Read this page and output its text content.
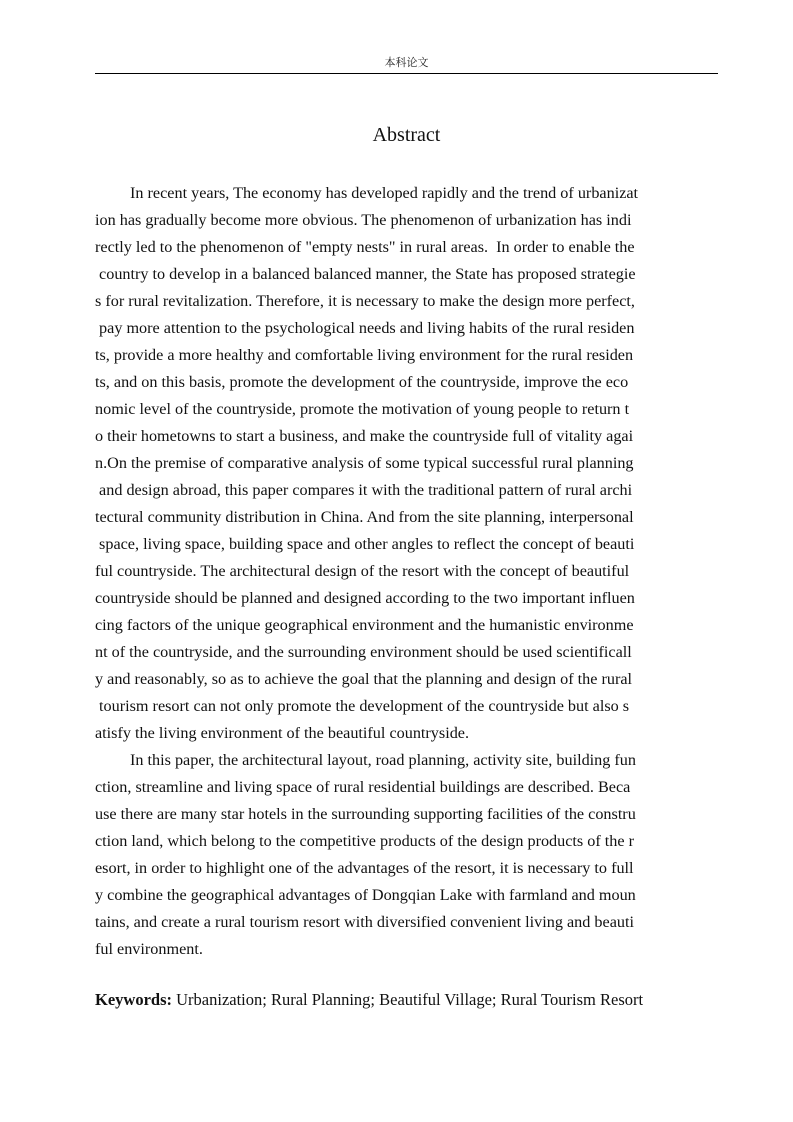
本科论文
Abstract
In recent years, The economy has developed rapidly and the trend of urbanizat
ion has gradually become more obvious. The phenomenon of urbanization has indi
rectly led to the phenomenon of "empty nests" in rural areas.  In order to enable the
country to develop in a balanced balanced manner, the State has proposed strategie
s for rural revitalization. Therefore, it is necessary to make the design more perfect,
pay more attention to the psychological needs and living habits of the rural residen
ts, provide a more healthy and comfortable living environment for the rural residen
ts, and on this basis, promote the development of the countryside, improve the eco
nomic level of the countryside, promote the motivation of young people to return t
o their hometowns to start a business, and make the countryside full of vitality agai
n.On the premise of comparative analysis of some typical successful rural planning
and design abroad, this paper compares it with the traditional pattern of rural archi
tectural community distribution in China. And from the site planning, interpersonal
space, living space, building space and other angles to reflect the concept of beauti
ful countryside. The architectural design of the resort with the concept of beautiful
countryside should be planned and designed according to the two important influen
cing factors of the unique geographical environment and the humanistic environme
nt of the countryside, and the surrounding environment should be used scientificall
y and reasonably, so as to achieve the goal that the planning and design of the rural
tourism resort can not only promote the development of the countryside but also s
atisfy the living environment of the beautiful countryside.
In this paper, the architectural layout, road planning, activity site, building fun
ction, streamline and living space of rural residential buildings are described. Beca
use there are many star hotels in the surrounding supporting facilities of the constru
ction land, which belong to the competitive products of the design products of the r
esort, in order to highlight one of the advantages of the resort, it is necessary to full
y combine the geographical advantages of Dongqian Lake with farmland and moun
tains, and create a rural tourism resort with diversified convenient living and beauti
ful environment.
Keywords: Urbanization; Rural Planning; Beautiful Village; Rural Tourism Resort
